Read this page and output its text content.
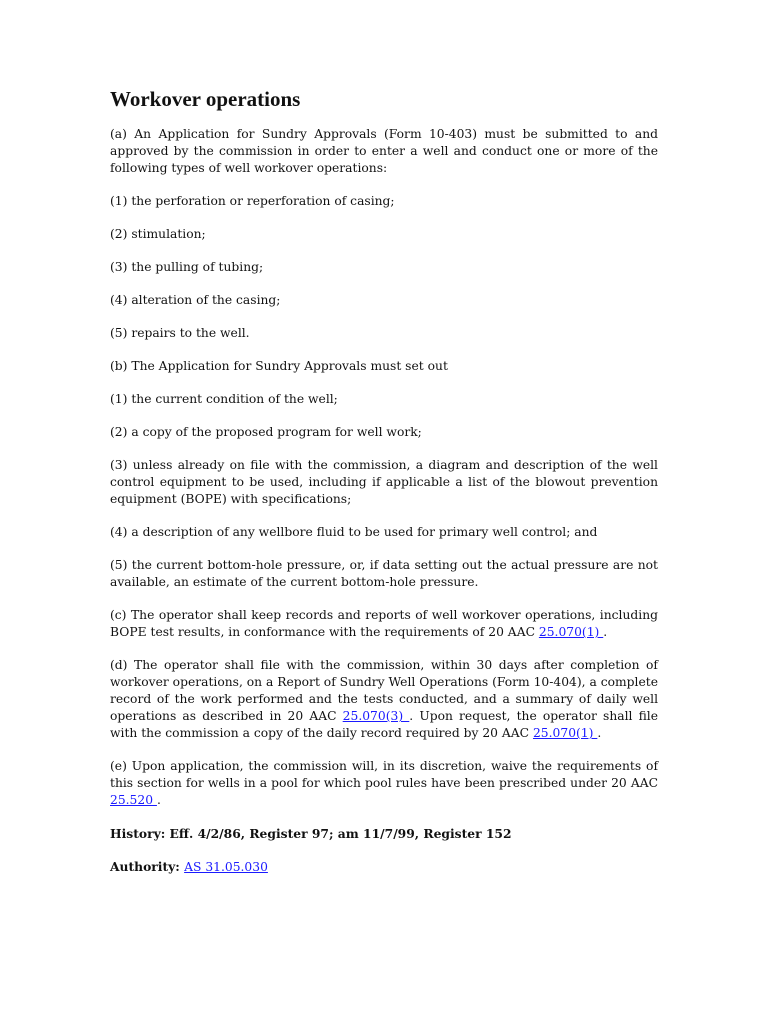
Workover operations

(a) An Application for Sundry Approvals (Form 10-403) must be submitted to and approved by the commission in order to enter a well and conduct one or more of the following types of well workover operations:

(1) the perforation or reperforation of casing;

(2) stimulation;

(3) the pulling of tubing;

(4) alteration of the casing;

(5) repairs to the well.

(b) The Application for Sundry Approvals must set out

(1) the current condition of the well;

(2) a copy of the proposed program for well work;

(3) unless already on file with the commission, a diagram and description of the well control equipment to be used, including if applicable a list of the blowout prevention equipment (BOPE) with specifications;

(4) a description of any wellbore fluid to be used for primary well control; and

(5) the current bottom-hole pressure, or, if data setting out the actual pressure are not available, an estimate of the current bottom-hole pressure.

(c) The operator shall keep records and reports of well workover operations, including BOPE test results, in conformance with the requirements of 20 AAC 25.070(1) .

(d) The operator shall file with the commission, within 30 days after completion of workover operations, on a Report of Sundry Well Operations (Form 10-404), a complete record of the work performed and the tests conducted, and a summary of daily well operations as described in 20 AAC 25.070(3) . Upon request, the operator shall file with the commission a copy of the daily record required by 20 AAC 25.070(1) .

(e) Upon application, the commission will, in its discretion, waive the requirements of this section for wells in a pool for which pool rules have been prescribed under 20 AAC 25.520 .

History: Eff. 4/2/86, Register 97; am 11/7/99, Register 152

Authority: AS 31.05.030
